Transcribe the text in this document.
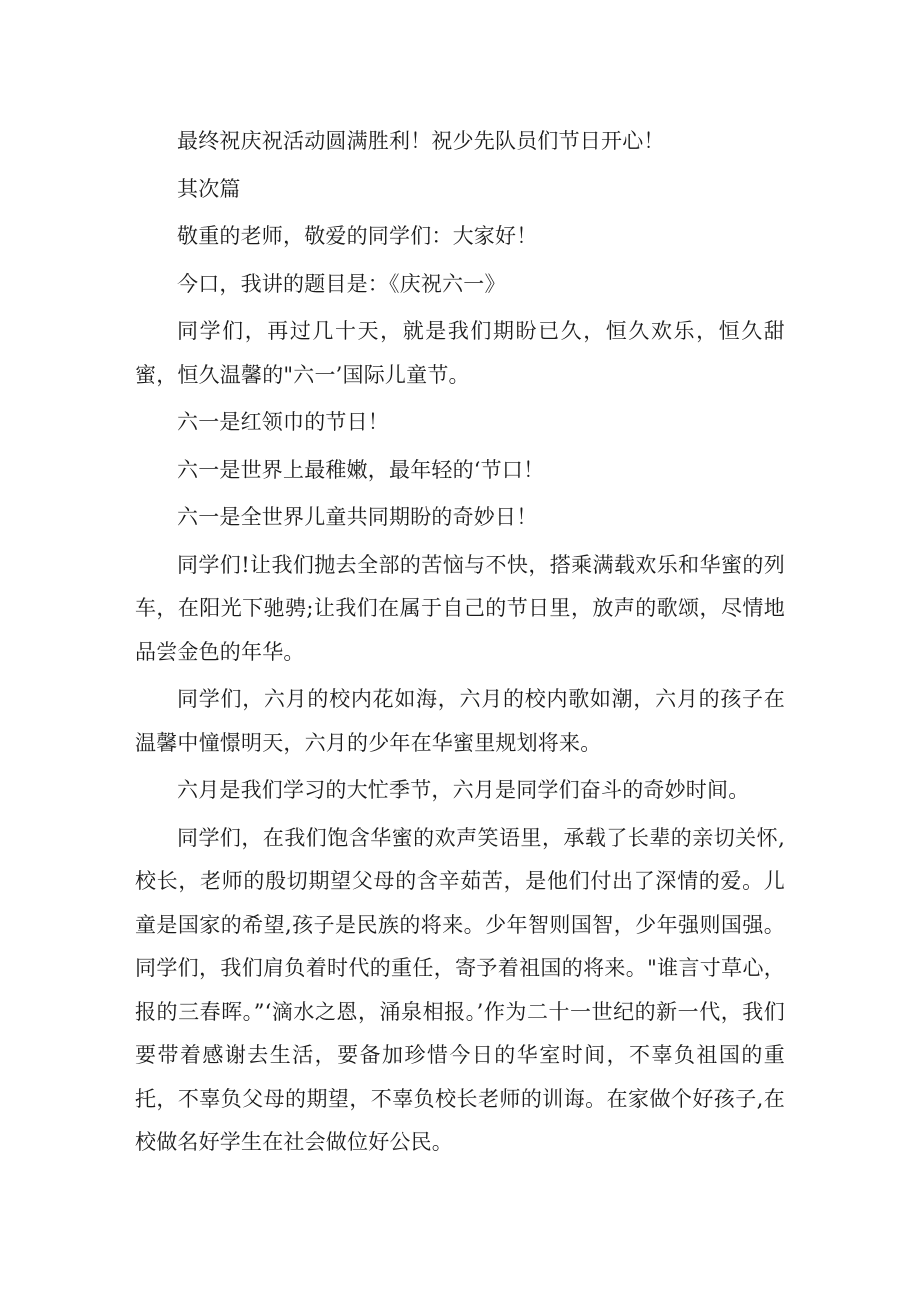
最终祝庆祝活动圆满胜利！祝少先队员们节日开心！

其次篇

敬重的老师，敬爱的同学们：大家好！

今口，我讲的题目是：《庆祝六一》

同学们，再过几十天，就是我们期盼已久，恒久欢乐，恒久甜蜜，恒久温馨的"六一’国际儿童节。

六一是红领巾的节日！

六一是世界上最稚嫩，最年轻的‘节口！

六一是全世界儿童共同期盼的奇妙日！

同学们!让我们抛去全部的苦恼与不快，搭乘满载欢乐和华蜜的列车，在阳光下驰骋;让我们在属于自己的节日里，放声的歌颂，尽情地品尝金色的年华。

同学们，六月的校内花如海，六月的校内歌如潮，六月的孩子在温馨中憧憬明天，六月的少年在华蜜里规划将来。

六月是我们学习的大忙季节，六月是同学们奋斗的奇妙时间。

同学们，在我们饱含华蜜的欢声笑语里，承载了长辈的亲切关怀,校长，老师的殷切期望父母的含辛茹苦，是他们付出了深情的爱。儿童是国家的希望,孩子是民族的将来。少年智则国智，少年强则国强。同学们，我们肩负着时代的重任，寄予着祖国的将来。"谁言寸草心，报的三春晖。”‘滴水之恩，涌泉相报。’作为二十一世纪的新一代，我们要带着感谢去生活，要备加珍惜今日的华室时间，不辜负祖国的重托，不辜负父母的期望，不辜负校长老师的训诲。在家做个好孩子,在校做名好学生在社会做位好公民。
